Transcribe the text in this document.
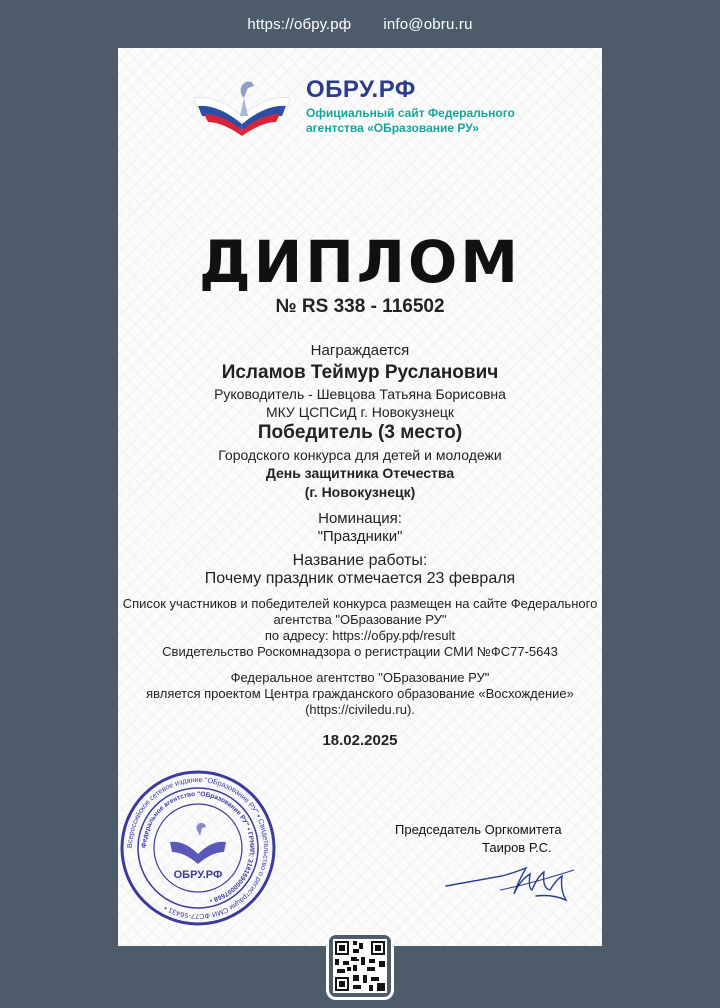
https://обру.рф info@obru.ru
ОБРУ.РФ
Официальный сайт Федерального агентства «ОБразование РУ»
ДИПЛОМ
№ RS 338 - 116502
Награждается
Исламов Теймур Русланович
Руководитель - Шевцова Татьяна Борисовна
МКУ ЦСПСиД г. Новокузнецк
Победитель (3 место)
Городского конкурса для детей и молодежи
День защитника Отечества
(г. Новокузнецк)
Номинация:
"Праздники"
Название работы:
Почему праздник отмечается 23 февраля
Список участников и победителей конкурса размещен на сайте Федерального
агентства "ОБразование РУ"
по адресу: https://обру.рф/result
Свидетельство Роскомнадзора о регистрации СМИ №ФС77-5643
Федеральное агентство "ОБразование РУ"
является проектом Центра гражданского образование «Восхождение»
(https://civiledu.ru).
18.02.2025
Всероссийское сетевое издание "ОБразование РУ" • Свидетельство о регистрации СМИ ФС77-56431 •
Федеральное агентство "ОБразование РУ" • ГРНИП: 318169000007668 •
ОБРУ.РФ
Председатель Оргкомитета
Таиров Р.С.
